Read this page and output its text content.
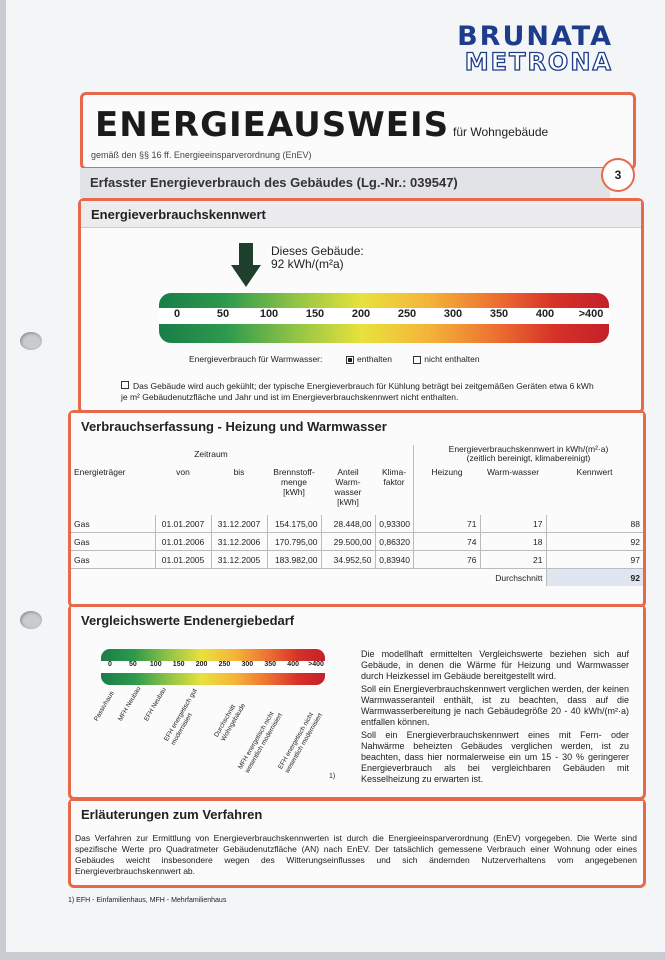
BRUNATA
METRONA
ENERGIEAUSWEIS für Wohngebäude
gemäß den §§ 16 ff. Energieeinsparverordnung (EnEV)
Erfasster Energieverbrauch des Gebäudes (Lg.-Nr.: 039547)	3
Energieverbrauchskennwert
Dieses Gebäude:
92 kWh/(m²a)
0	50	100	150	200	250	300	350	400 >400
Energieverbrauch für Warmwasser:	enthalten	nicht enthalten
Das Gebäude wird auch gekühlt; der typische Energieverbrauch für Kühlung beträgt bei zeitgemäßen Geräten etwa 6 kWh je m² Gebäudenutzfläche und Jahr und ist im Energieverbrauchskennwert nicht enthalten.
Verbrauchserfassung - Heizung und Warmwasser
	Zeitraum					Energieverbrauchskennwert in kWh/(m²·a)
(zeitlich bereinigt, klimabereinigt)		

Energieträger	von	bis	Brennstoff-menge [kWh]	Anteil Warm-wasser [kWh]	Klima-faktor	Heizung	Warm-wasser	Kennwert
Gas	01.01.2007	31.12.2007	154.175,00	28.448,00	0,93300	71	17	88
Gas	01.01.2006	31.12.2006	170.795,00	29.500,00	0,86320	74	18	92
Gas	01.01.2005	31.12.2005	183.982,00	34.952,50	0,83940	76	21	97
Durchschnitt								92
Vergleichswerte Endenergiebedarf
0 50 100 150 200 250 300 350 400 >400
Passivhaus MFH Neubau EFH Neubau
EFH energetisch gut modernisiert	Durchschnitt Wohngebäude
MFH energetisch nicht wesentlich modernisiert
EFH energetisch nicht wesentlich modernisiert
1)

Die modellhaft ermittelten Vergleichswerte beziehen sich auf Gebäude, in denen die Wärme für Heizung und Warmwasser durch Heizkessel im Gebäude bereitgestellt wird.

Soll ein Energieverbrauchskennwert verglichen werden, der keinen Warmwasseranteil enthält, ist zu beachten, dass auf die Warmwasserbereitung je nach Gebäudegröße 20 - 40 kWh/(m²·a) entfallen können.

Soll ein Energieverbrauchskennwert eines mit Fern- oder Nahwärme beheizten Gebäudes verglichen werden, ist zu beachten, dass hier normalerweise ein um 15 - 30 % geringerer Energieverbrauch als bei vergleichbaren Gebäuden mit Kesselheizung zu erwarten ist.

Erläuterungen zum Verfahren
Das Verfahren zur Ermittlung von Energieverbrauchskennwerten ist durch die Energieeinsparverordnung (EnEV) vorgegeben. Die Werte sind spezifische Werte pro Quadratmeter Gebäudenutzfläche (AN) nach EnEV. Der tatsächlich gemessene Verbrauch einer Wohnung oder eines Gebäudes weicht insbesondere wegen des Witterungseinflusses und sich ändernden Nutzerverhaltens vom angegebenen Energieverbrauchskennwert ab.
1) EFH - Einfamilienhaus, MFH - Mehrfamilienhaus
